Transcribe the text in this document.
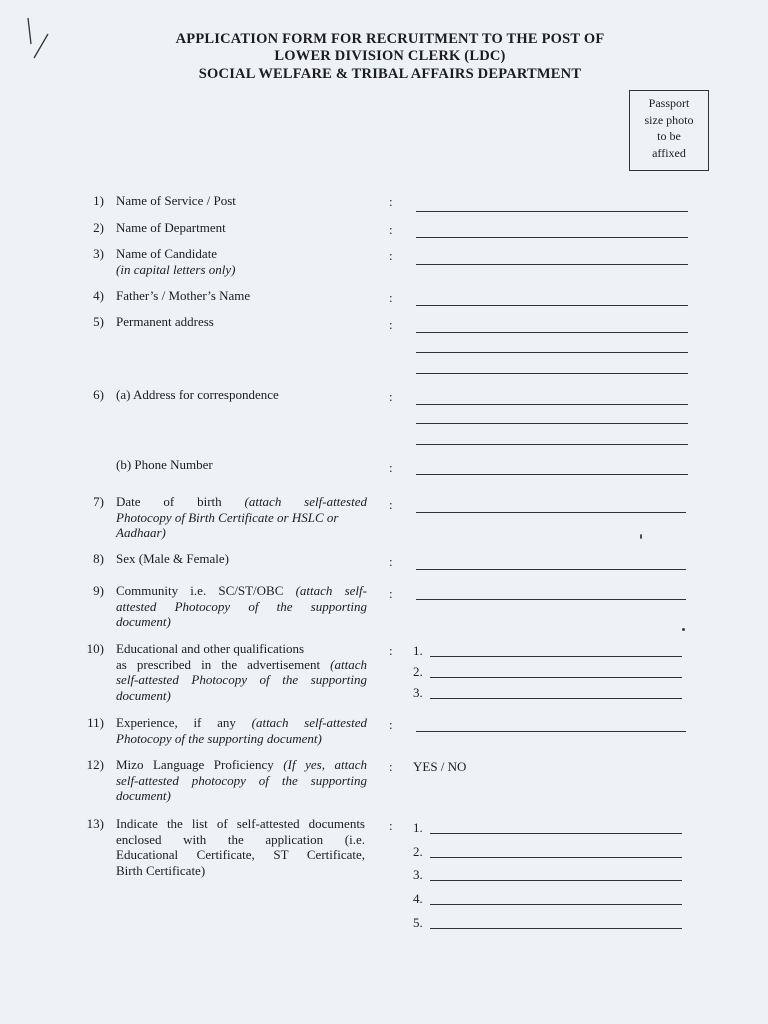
APPLICATION FORM FOR RECRUITMENT TO THE POST OF
LOWER DIVISION CLERK (LDC)
SOCIAL WELFARE & TRIBAL AFFAIRS DEPARTMENT
Passport
size photo
to be
affixed
1) Name of Service / Post	:
2) Name of Department	:
3) Name of Candidate
(in capital letters only)
:
4) Father’s / Mother’s Name	:
5) Permanent address	:
6) (a) Address for correspondence	:
(b) Phone Number	:
7) Date of birth (attach self-attested
Photocopy of Birth Certificate or HSLC or
Aadhaar)
:
8) Sex (Male & Female)	:
9) Community i.e. SC/ST/OBC (attach self-
attested Photocopy of the supporting
document)
:
10) Educational and other qualifications
as prescribed in the advertisement (attach
self-attested Photocopy of the supporting
document)
: 1.
2.
3.
11) Experience, if any (attach self-attested
Photocopy of the supporting document)
:
12) Mizo Language Proficiency (If yes, attach
self-attested photocopy of the supporting
document)
: YES / NO
13) Indicate the list of self-attested documents
enclosed with the application (i.e.
Educational Certificate, ST Certificate,
Birth Certificate)
: 1.
2.
3.
4.
5.
